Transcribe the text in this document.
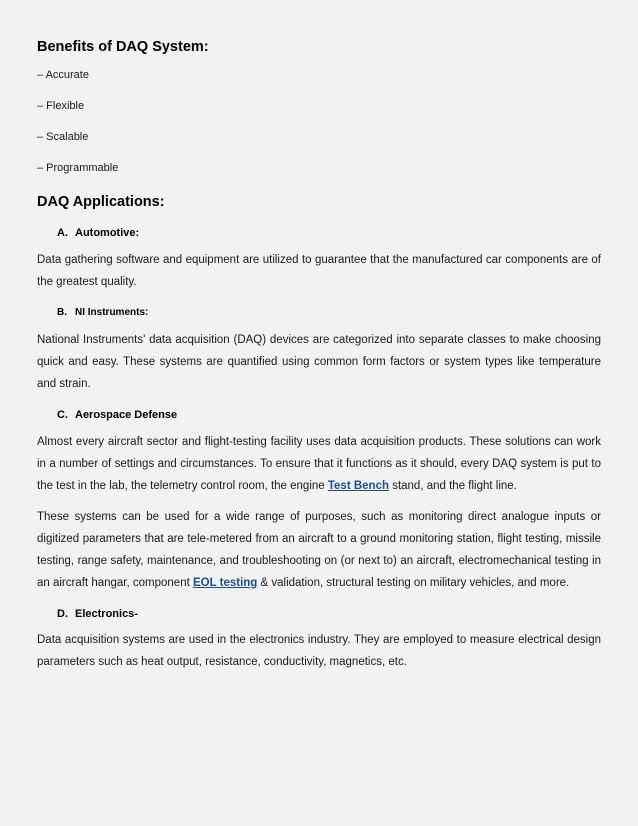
Benefits of DAQ System:
– Accurate
– Flexible
– Scalable
– Programmable
DAQ Applications:
A. Automotive:

Data gathering software and equipment are utilized to guarantee that the manufactured car components are of the greatest quality.

B. NI Instruments:

National Instruments' data acquisition (DAQ) devices are categorized into separate classes to make choosing quick and easy. These systems are quantified using common form factors or system types like temperature and strain.

C. Aerospace Defense

Almost every aircraft sector and flight-testing facility uses data acquisition products. These solutions can work in a number of settings and circumstances. To ensure that it functions as it should, every DAQ system is put to the test in the lab, the telemetry control room, the engine Test Bench stand, and the flight line.

These systems can be used for a wide range of purposes, such as monitoring direct analogue inputs or digitized parameters that are tele-metered from an aircraft to a ground monitoring station, flight testing, missile testing, range safety, maintenance, and troubleshooting on (or next to) an aircraft, electromechanical testing in an aircraft hangar, component EOL testing & validation, structural testing on military vehicles, and more.

D. Electronics-

Data acquisition systems are used in the electronics industry. They are employed to measure electrical design parameters such as heat output, resistance, conductivity, magnetics, etc.
